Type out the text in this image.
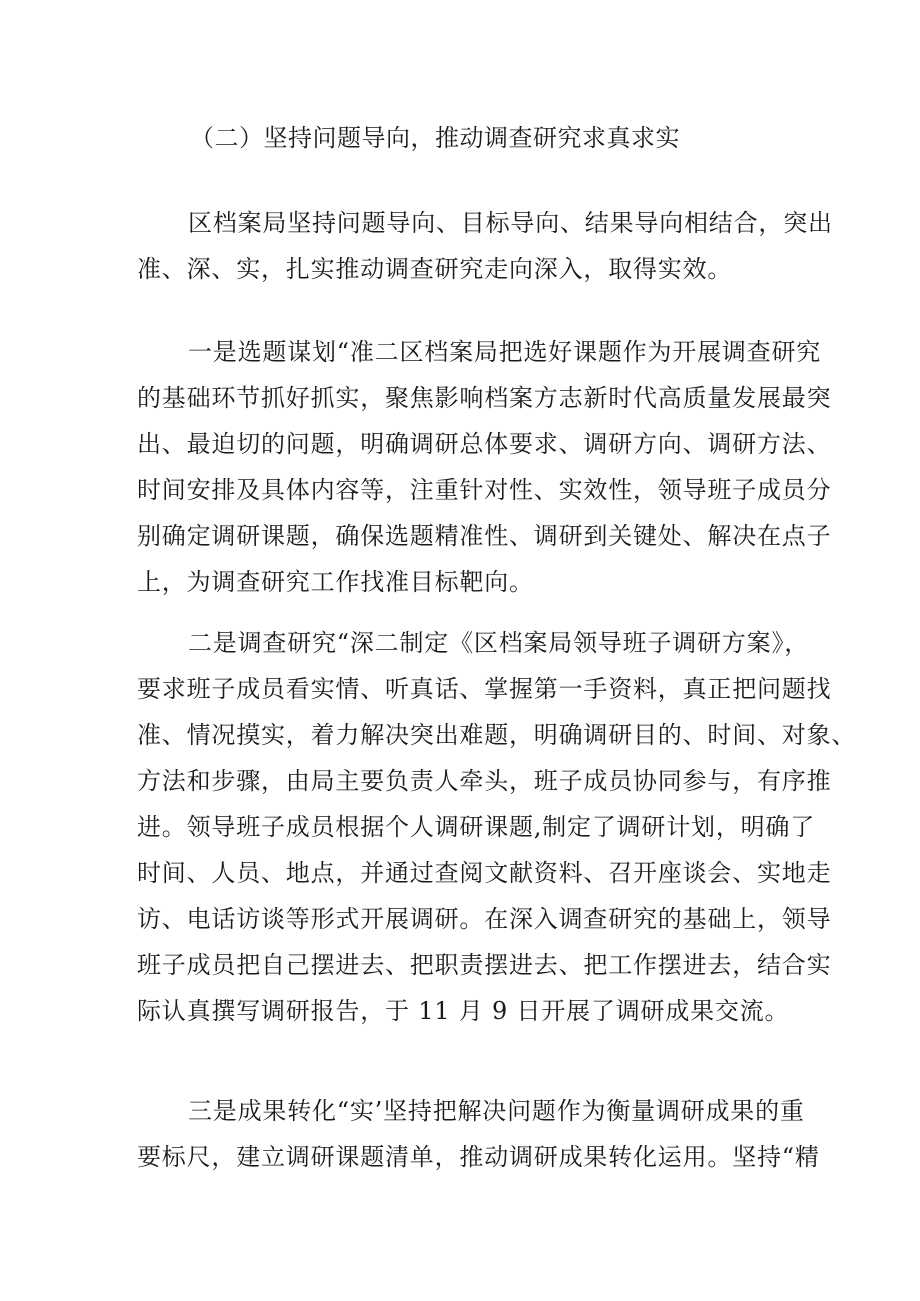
（二）坚持问题导向，推动调查研究求真求实

区档案局坚持问题导向、目标导向、结果导向相结合，突出
准、深、实，扎实推动调查研究走向深入，取得实效。

一是选题谋划“准二区档案局把选好课题作为开展调查研究
的基础环节抓好抓实，聚焦影响档案方志新时代高质量发展最突
出、最迫切的问题，明确调研总体要求、调研方向、调研方法、
时间安排及具体内容等，注重针对性、实效性，领导班子成员分
别确定调研课题，确保选题精准性、调研到关键处、解决在点子
上，为调查研究工作找准目标靶向。

二是调查研究“深二制定《区档案局领导班子调研方案》，
要求班子成员看实情、听真话、掌握第一手资料，真正把问题找
准、情况摸实，着力解决突出难题，明确调研目的、时间、对象、
方法和步骤，由局主要负责人牵头，班子成员协同参与，有序推
进。领导班子成员根据个人调研课题,制定了调研计划，明确了
时间、人员、地点，并通过查阅文献资料、召开座谈会、实地走
访、电话访谈等形式开展调研。在深入调查研究的基础上，领导
班子成员把自己摆进去、把职责摆进去、把工作摆进去，结合实
际认真撰写调研报告，于 11 月 9 日开展了调研成果交流。

三是成果转化“实’坚持把解决问题作为衡量调研成果的重
要标尺，建立调研课题清单，推动调研成果转化运用。坚持“精
